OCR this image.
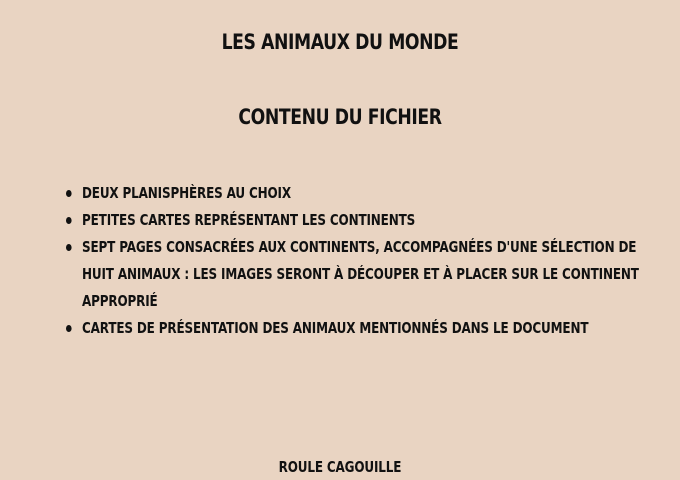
LES ANIMAUX DU MONDE
CONTENU DU FICHIER
DEUX PLANISPHÈRES AU CHOIX
PETITES CARTES REPRÉSENTANT LES CONTINENTS
SEPT PAGES CONSACRÉES AUX CONTINENTS, ACCOMPAGNÉES D'UNE SÉLECTION DE HUIT ANIMAUX : LES IMAGES SERONT À DÉCOUPER ET À PLACER SUR LE CONTINENT APPROPRIÉ
CARTES DE PRÉSENTATION DES ANIMAUX MENTIONNÉS DANS LE DOCUMENT
ROULE CAGOUILLE
